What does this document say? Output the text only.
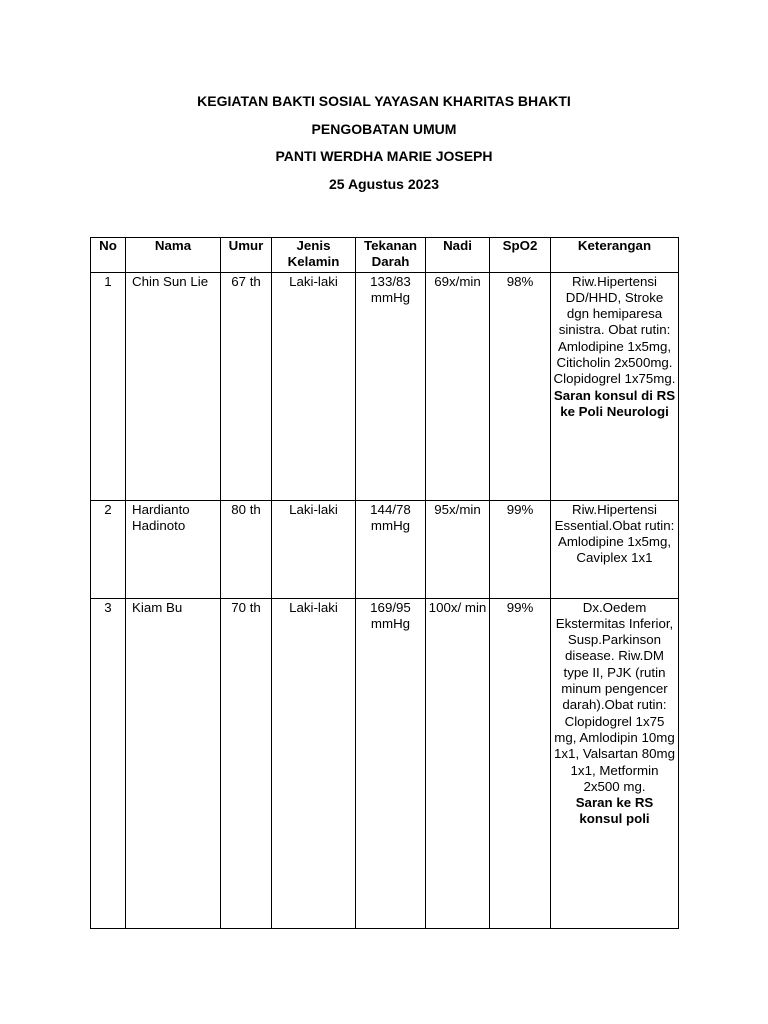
KEGIATAN BAKTI SOSIAL YAYASAN KHARITAS BHAKTI
PENGOBATAN UMUM
PANTI WERDHA MARIE JOSEPH
25 Agustus 2023
No	Nama	Umur	Jenis Kelamin	Tekanan Darah	Nadi	SpO2	Keterangan
1	Chin Sun Lie	67 th	Laki-laki	133/83 mmHg	69x/min	98%	Riw.Hipertensi DD/HHD, Stroke dgn hemiparesa sinistra. Obat rutin: Amlodipine 1x5mg, Citicholin 2x500mg. Clopidogrel 1x75mg.
Saran konsul di RS ke Poli Neurologi

2	Hardianto Hadinoto	80 th	Laki-laki	144/78 mmHg	95x/min	99%	Riw.Hipertensi Essential.Obat rutin: Amlodipine 1x5mg, Caviplex 1x1

3	Kiam Bu	70 th	Laki-laki	169/95 mmHg	100x/ min	99%	Dx.Oedem Ekstermitas Inferior, Susp.Parkinson disease. Riw.DM type II, PJK (rutin minum pengencer darah).Obat rutin: Clopidogrel 1x75 mg, Amlodipin 10mg 1x1, Valsartan 80mg 1x1, Metformin 2x500 mg.
Saran ke RS konsul poli
